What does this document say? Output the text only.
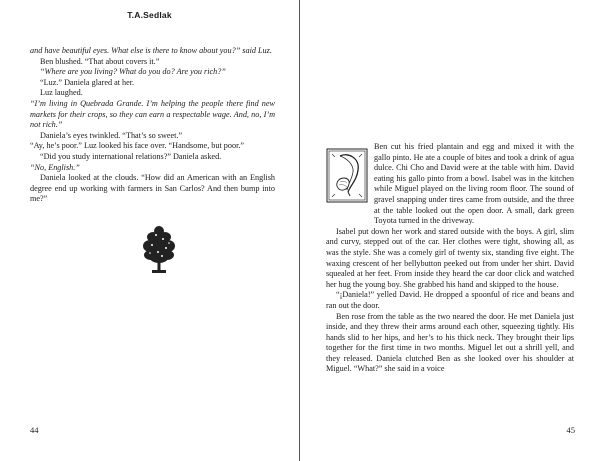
T.A.Sedlak

and have beautiful eyes. What else is there to know about you?” said Luz.

Ben blushed. “That about covers it.”

“Where are you living? What do you do? Are you rich?”

“Luz.” Daniela glared at her.

Luz laughed.

“I’m living in Quebrada Grande. I’m helping the people there find new markets for their crops, so they can earn a respectable wage. And, no, I’m not rich.”

Daniela’s eyes twinkled. “That’s so sweet.”

“Ay, he’s poor.” Luz looked his face over. “Handsome, but poor.”

“Did you study international relations?” Daniela asked.

“No, English.”

Daniela looked at the clouds. “How did an American with an English degree end up working with farmers in San Carlos? And then bump into me?”

44

Ben cut his fried plantain and egg and mixed it with the gallo pinto. He ate a couple of bites and took a drink of agua dulce. Chi Cho and David were at the table with him. David eating his gallo pinto from a bowl. Isabel was in the kitchen while Miguel played on the living room floor. The sound of gravel snapping under tires came from outside, and the three at the table looked out the open door. A small, dark green Toyota turned in the driveway.

Isabel put down her work and stared outside with the boys. A girl, slim and curvy, stepped out of the car. Her clothes were tight, showing all, as was the style. She was a comely girl of twenty six, standing five eight. The waxing crescent of her bellybutton peeked out from under her shirt. David squealed at her feet. From inside they heard the car door click and watched her hug the young boy. She grabbed his hand and skipped to the house.

“¡Daniela!” yelled David. He dropped a spoonful of rice and beans and ran out the door.

Ben rose from the table as the two neared the door. He met Daniela just inside, and they threw their arms around each other, squeezing tightly. His hands slid to her hips, and her’s to his thick neck. They brought their lips together for the first time in two months. Miguel let out a shrill yell, and they released. Daniela clutched Ben as she looked over his shoulder at Miguel. “What?” she said in a voice

45
